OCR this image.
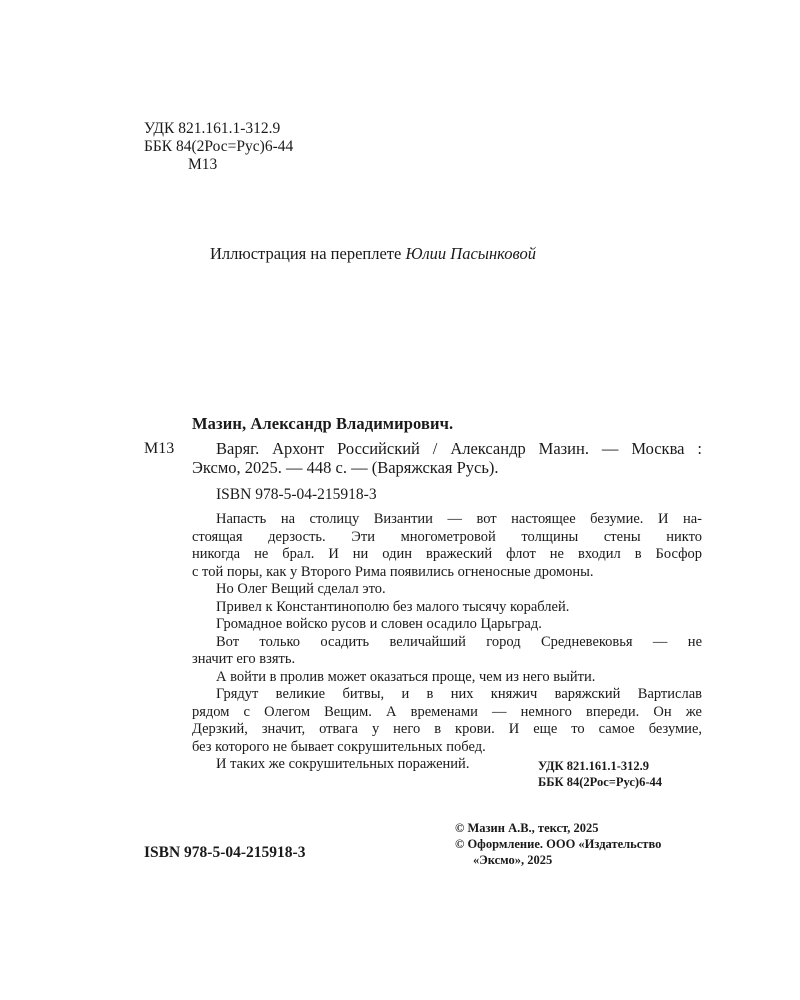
УДК 821.161.1-312.9
ББК 84(2Рос=Рус)6-44
М13
Иллюстрация на переплете Юлии Пасынковой
Мазин, Александр Владимирович.
М13	Варяг. Архонт Российский / Александр Мазин. — Москва :
Эксмо, 2025. — 448 с. — (Варяжская Русь).
ISBN 978-5-04-215918-3

Напасть на столицу Византии — вот настоящее безумие. И на-
стоящая дерзость. Эти многометровой толщины стены никто
никогда не брал. И ни один вражеский флот не входил в Босфор
с той поры, как у Второго Рима появились огненосные дромоны.

Но Олег Вещий сделал это.

Привел к Константинополю без малого тысячу кораблей.

Громадное войско русов и словен осадило Царьград.

Вот только осадить величайший город Средневековья — не
значит его взять.

А войти в пролив может оказаться проще, чем из него выйти.

Грядут великие битвы, и в них княжич варяжский Вартислав
рядом с Олегом Вещим. А временами — немного впереди. Он же
Дерзкий, значит, отвага у него в крови. И еще то самое безумие,
без которого не бывает сокрушительных побед.

И таких же сокрушительных поражений.	УДК 821.161.1-312.9
ББК 84(2Рос=Рус)6-44
© Мазин А.В., текст, 2025
© Оформление. ООО «Издательство
«Эксмо», 2025
ISBN 978-5-04-215918-3
